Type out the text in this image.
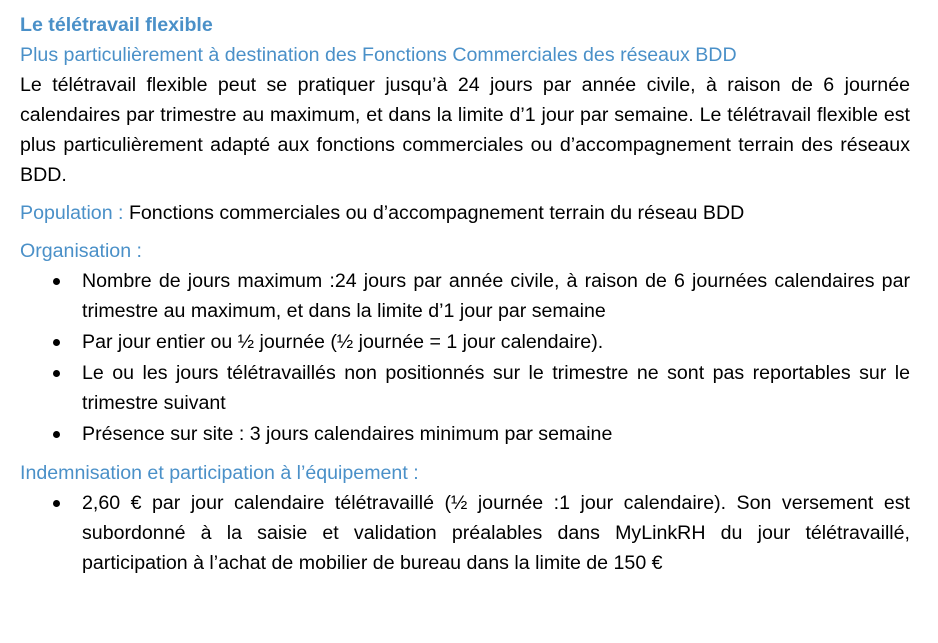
Le télétravail flexible

Plus particulièrement à destination des Fonctions Commerciales des réseaux BDD

Le télétravail flexible peut se pratiquer jusqu’à 24 jours par année civile, à raison de 6 journée calendaires par trimestre au maximum, et dans la limite d’1 jour par semaine. Le télétravail flexible est plus particulièrement adapté aux fonctions commerciales ou d’accompagnement terrain des réseaux BDD.

Population : Fonctions commerciales ou d’accompagnement terrain du réseau BDD

Organisation :

Nombre de jours maximum :24 jours par année civile, à raison de 6 journées calendaires par trimestre au maximum, et dans la limite d’1 jour par semaine
Par jour entier ou ½ journée (½ journée = 1 jour calendaire).
Le ou les jours télétravaillés non positionnés sur le trimestre ne sont pas reportables sur le trimestre suivant
Présence sur site : 3 jours calendaires minimum par semaine

Indemnisation et participation à l’équipement :

2,60 € par jour calendaire télétravaillé (½ journée :1 jour calendaire). Son versement est subordonné à la saisie et validation préalables dans MyLinkRH du jour télétravaillé, participation à l’achat de mobilier de bureau dans la limite de 150 €
